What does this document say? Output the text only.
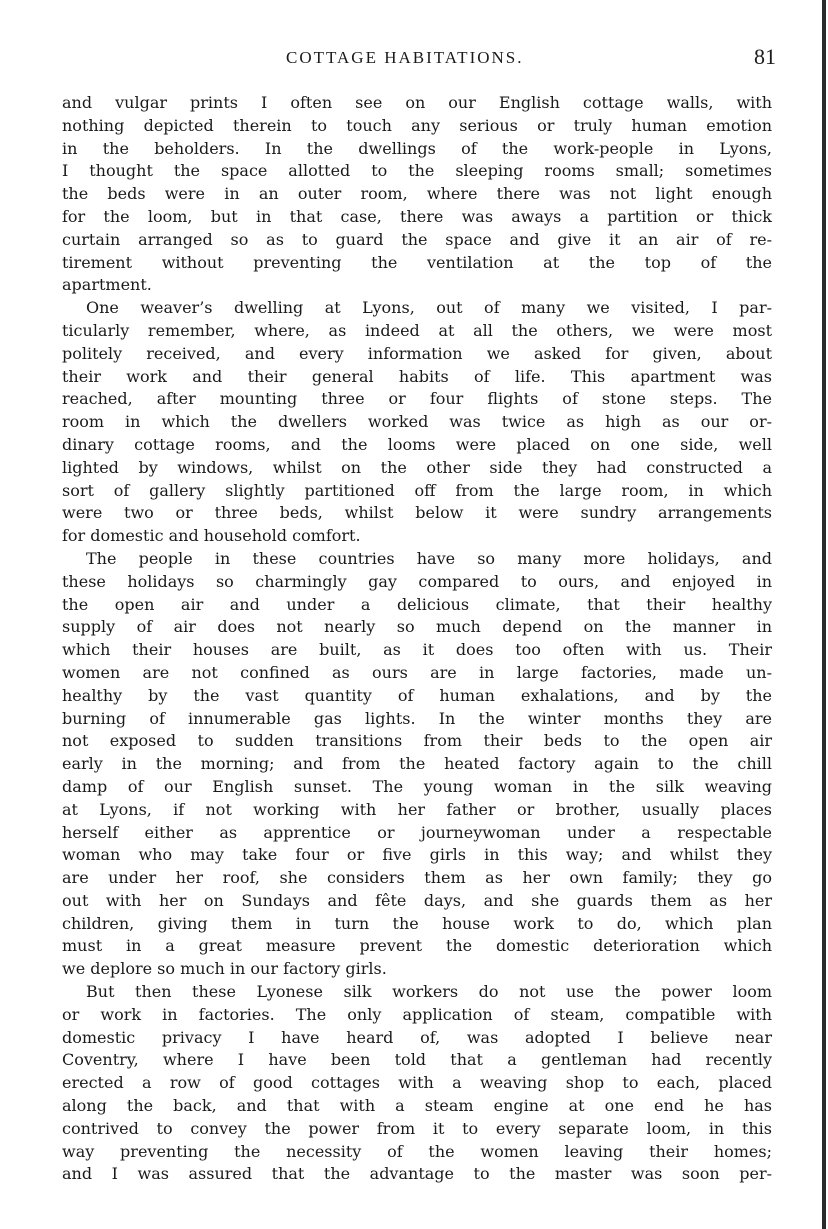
COTTAGE HABITATIONS.	81
and vulgar prints I often see on our English cottage walls, with
nothing depicted therein to touch any serious or truly human emotion
in the beholders. In the dwellings of the work-people in Lyons,
I thought the space allotted to the sleeping rooms small; sometimes
the beds were in an outer room, where there was not light enough
for the loom, but in that case, there was aways a partition or thick
curtain arranged so as to guard the space and give it an air of re-
tirement without preventing the ventilation at the top of the
apartment.
One weaver’s dwelling at Lyons, out of many we visited, I par-
ticularly remember, where, as indeed at all the others, we were most
politely received, and every information we asked for given, about
their work and their general habits of life. This apartment was
reached, after mounting three or four flights of stone steps. The
room in which the dwellers worked was twice as high as our or-
dinary cottage rooms, and the looms were placed on one side, well
lighted by windows, whilst on the other side they had constructed a
sort of gallery slightly partitioned off from the large room, in which
were two or three beds, whilst below it were sundry arrangements
for domestic and household comfort.
The people in these countries have so many more holidays, and
these holidays so charmingly gay compared to ours, and enjoyed in
the open air and under a delicious climate, that their healthy
supply of air does not nearly so much depend on the manner in
which their houses are built, as it does too often with us. Their
women are not confined as ours are in large factories, made un-
healthy by the vast quantity of human exhalations, and by the
burning of innumerable gas lights. In the winter months they are
not exposed to sudden transitions from their beds to the open air
early in the morning; and from the heated factory again to the chill
damp of our English sunset. The young woman in the silk weaving
at Lyons, if not working with her father or brother, usually places
herself either as apprentice or journeywoman under a respectable
woman who may take four or five girls in this way; and whilst they
are under her roof, she considers them as her own family; they go
out with her on Sundays and fête days, and she guards them as her
children, giving them in turn the house work to do, which plan
must in a great measure prevent the domestic deterioration which
we deplore so much in our factory girls.
But then these Lyonese silk workers do not use the power loom
or work in factories. The only application of steam, compatible with
domestic privacy I have heard of, was adopted I believe near
Coventry, where I have been told that a gentleman had recently
erected a row of good cottages with a weaving shop to each, placed
along the back, and that with a steam engine at one end he has
contrived to convey the power from it to every separate loom, in this
way preventing the necessity of the women leaving their homes;
and I was assured that the advantage to the master was soon per-
